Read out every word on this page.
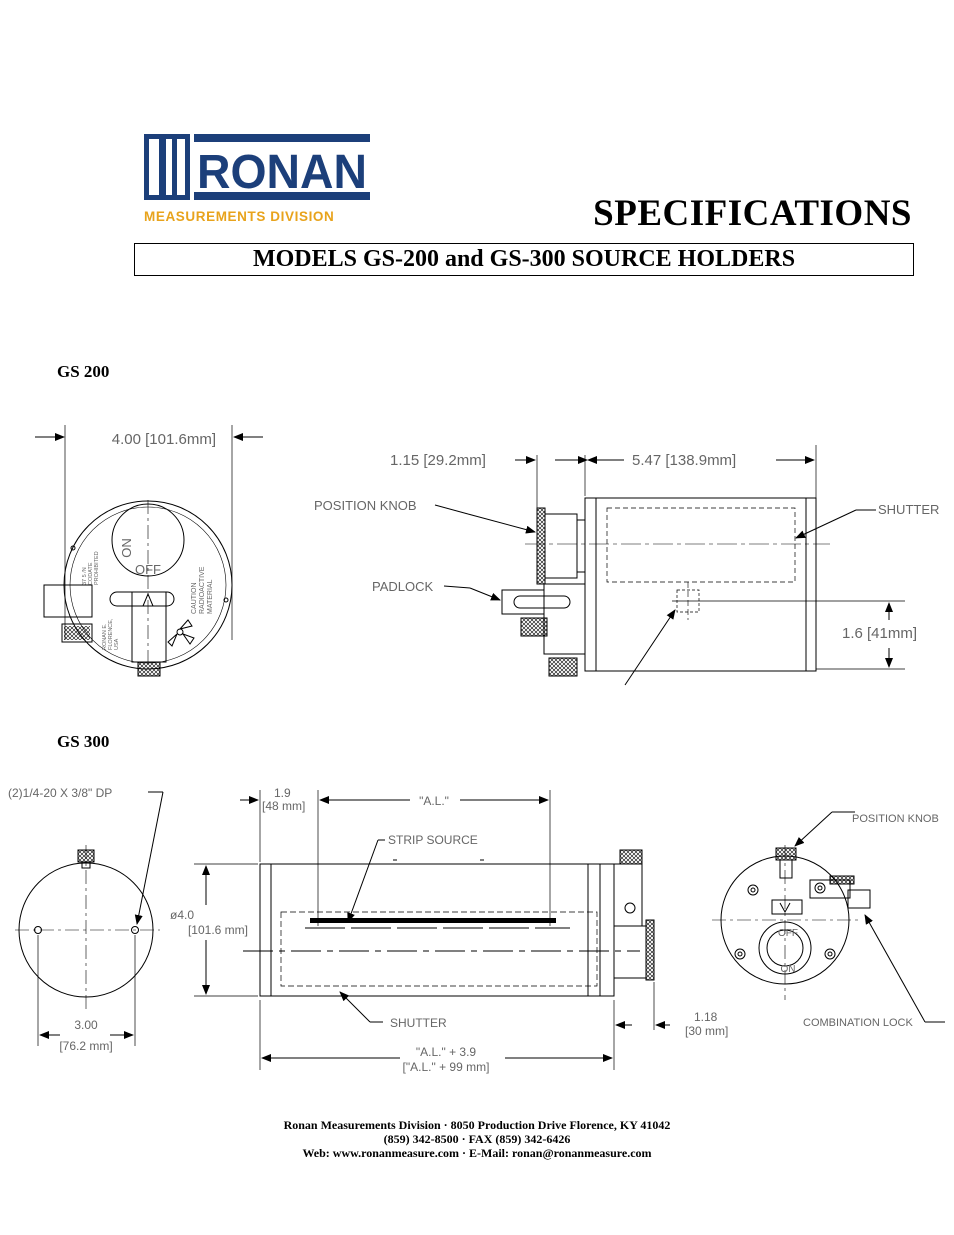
RONAN
MEASUREMENTS DIVISION	SPECIFICATIONS
MODELS GS-200 and GS-300 SOURCE HOLDERS
GS 200
GS 300
4.00 [101.6mm]
ON
OFF
CAUTION RADIOACTIVE MATERIAL
RONAN E. FLORENCE, USA
37 5 /N CODATE PROHIBITED
1.15 [29.2mm]	5.47 [138.9mm]
1.6 [41mm]
POSITION KNOB
PADLOCK
SHUTTER
(2)1/4-20 X 3/8" DP
3.00
[76.2 mm]
1.9
[48 mm]	"A.L."
STRIP SOURCE
ø4.0
[101.6 mm]
SHUTTER
"A.L." + 3.9
["A.L." + 99 mm]
1.18
[30 mm]
POSITION KNOB
COMBINATION LOCK
OFF
ON
Ronan Measurements Division · 8050 Production Drive Florence, KY 41042
(859) 342-8500 · FAX (859) 342-6426
Web: www.ronanmeasure.com · E-Mail: ronan@ronanmeasure.com
